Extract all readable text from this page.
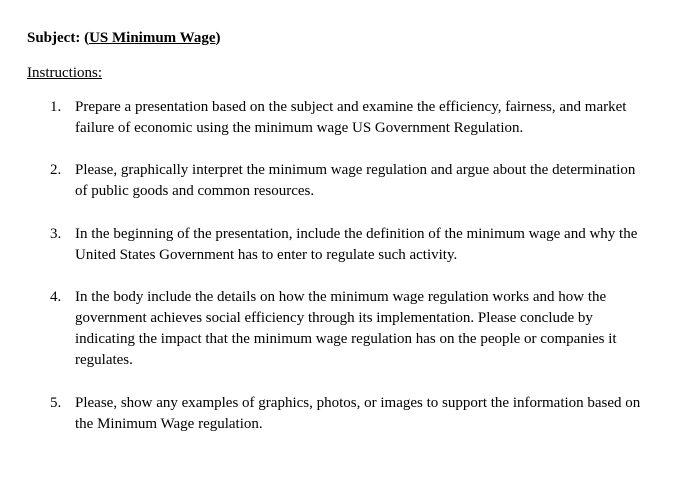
Subject: (US Minimum Wage)
Instructions:
1. Prepare a presentation based on the subject and examine the efficiency, fairness, and market failure of economic using the minimum wage US Government Regulation.
2. Please, graphically interpret the minimum wage regulation and argue about the determination of public goods and common resources.
3. In the beginning of the presentation, include the definition of the minimum wage and why the United States Government has to enter to regulate such activity.
4. In the body include the details on how the minimum wage regulation works and how the government achieves social efficiency through its implementation. Please conclude by indicating the impact that the minimum wage regulation has on the people or companies it regulates.
5. Please, show any examples of graphics, photos, or images to support the information based on the Minimum Wage regulation.
